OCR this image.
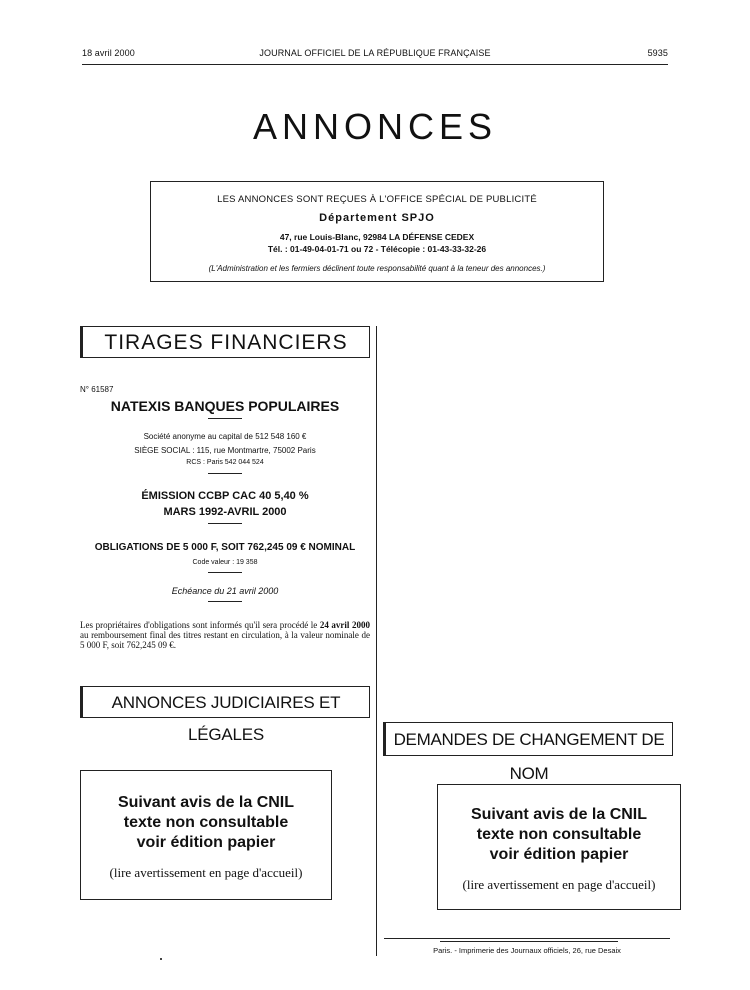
18 avril 2000	JOURNAL OFFICIEL DE LA RÉPUBLIQUE FRANÇAISE	5935
ANNONCES
LES ANNONCES SONT REÇUES À L'OFFICE SPÉCIAL DE PUBLICITÉ
Département SPJO
47, rue Louis-Blanc, 92984 LA DÉFENSE CEDEX
Tél. : 01-49-04-01-71 ou 72 - Télécopie : 01-43-33-32-26
(L'Administration et les fermiers déclinent toute responsabilité quant à la teneur des annonces.)
TIRAGES FINANCIERS
N° 61587
NATEXIS BANQUES POPULAIRES
Société anonyme au capital de 512 548 160 €
SIÈGE SOCIAL : 115, rue Montmartre, 75002 Paris
RCS : Paris 542 044 524
ÉMISSION CCBP CAC 40 5,40 %
MARS 1992-AVRIL 2000
OBLIGATIONS DE 5 000 F, SOIT 762,245 09 € NOMINAL
Code valeur : 19 358
Echéance du 21 avril 2000
Les propriétaires d'obligations sont informés qu'il sera procédé le 24 avril 2000 au remboursement final des titres restant en circulation, à la valeur nominale de 5 000 F, soit 762,245 09 €.
ANNONCES JUDICIAIRES ET LÉGALES
Suivant avis de la CNIL
texte non consultable
voir édition papier
(lire avertissement en page d'accueil)
DEMANDES DE CHANGEMENT DE NOM
Suivant avis de la CNIL
texte non consultable
voir édition papier
(lire avertissement en page d'accueil)
Paris. - Imprimerie des Journaux officiels, 26, rue Desaix
